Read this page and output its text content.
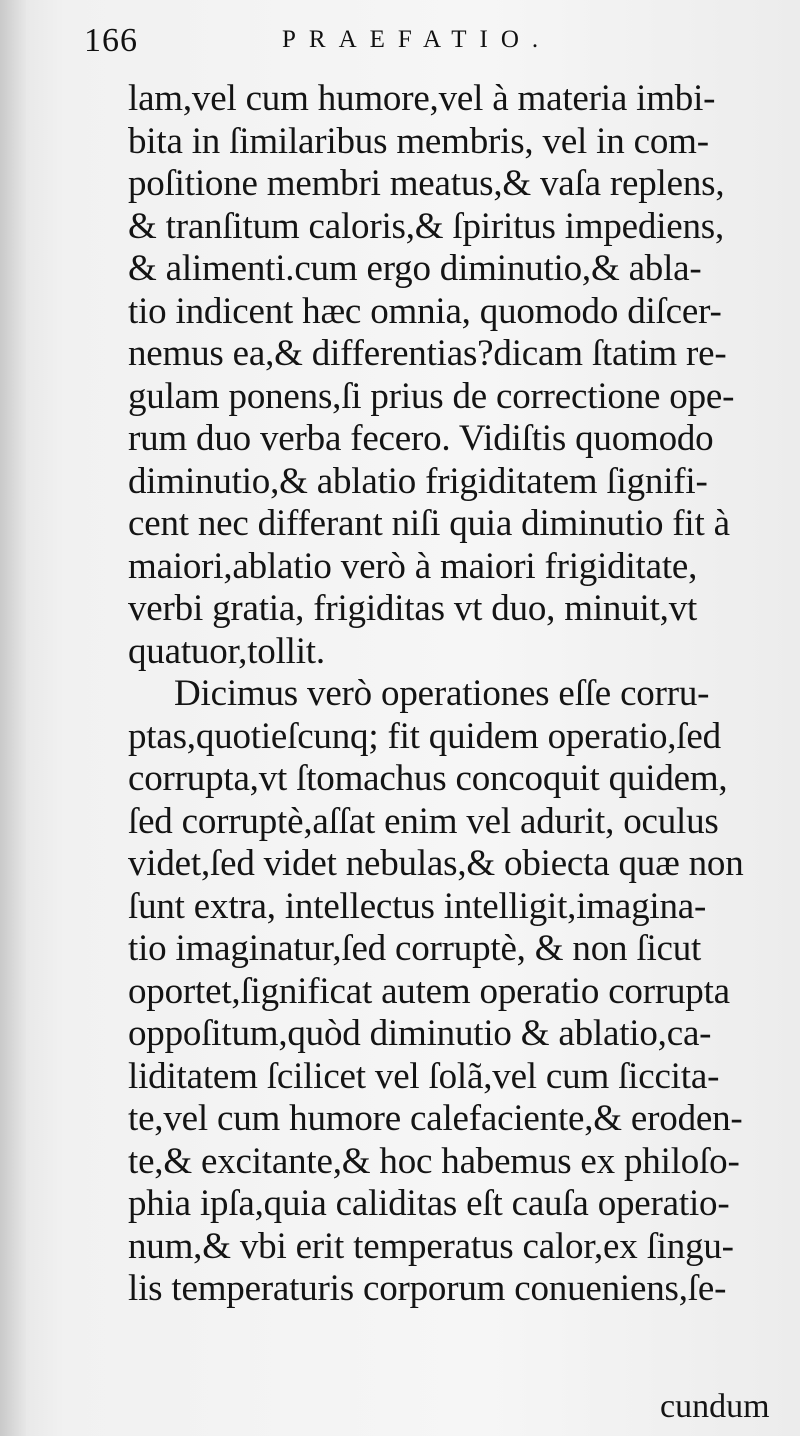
166	PRAEFATIO.
lam,vel cum humore,vel à materia imbi-
bita in ſimilaribus membris, vel in com-
poſitione membri meatus,& vaſa replens,
& tranſitum caloris,& ſpiritus impediens,
& alimenti.cum ergo diminutio,& abla-
tio indicent hæc omnia, quomodo diſcer-
nemus ea,& differentias?dicam ſtatim re-
gulam ponens,ſi prius de correctione ope-
rum duo verba fecero. Vidiſtis quomodo
diminutio,& ablatio frigiditatem ſignifi-
cent nec differant niſi quia diminutio fit à
maiori,ablatio verò à maiori frigiditate,
verbi gratia, frigiditas vt duo, minuit,vt
quatuor,tollit.
Dicimus verò operationes eſſe corru-
ptas,quotieſcunq; fit quidem operatio,ſed
corrupta,vt ſtomachus concoquit quidem,
ſed corruptè,aſſat enim vel adurit, oculus
videt,ſed videt nebulas,& obiecta quæ non
ſunt extra, intellectus intelligit,imagina-
tio imaginatur,ſed corruptè, & non ſicut
oportet,ſignificat autem operatio corrupta
oppoſitum,quòd diminutio & ablatio,ca-
liditatem ſcilicet vel ſolã,vel cum ſiccita-
te,vel cum humore calefaciente,& eroden-
te,& excitante,& hoc habemus ex philoſo-
phia ipſa,quia caliditas eſt cauſa operatio-
num,& vbi erit temperatus calor,ex ſingu-
lis temperaturis corporum conueniens,ſe-
cundum
